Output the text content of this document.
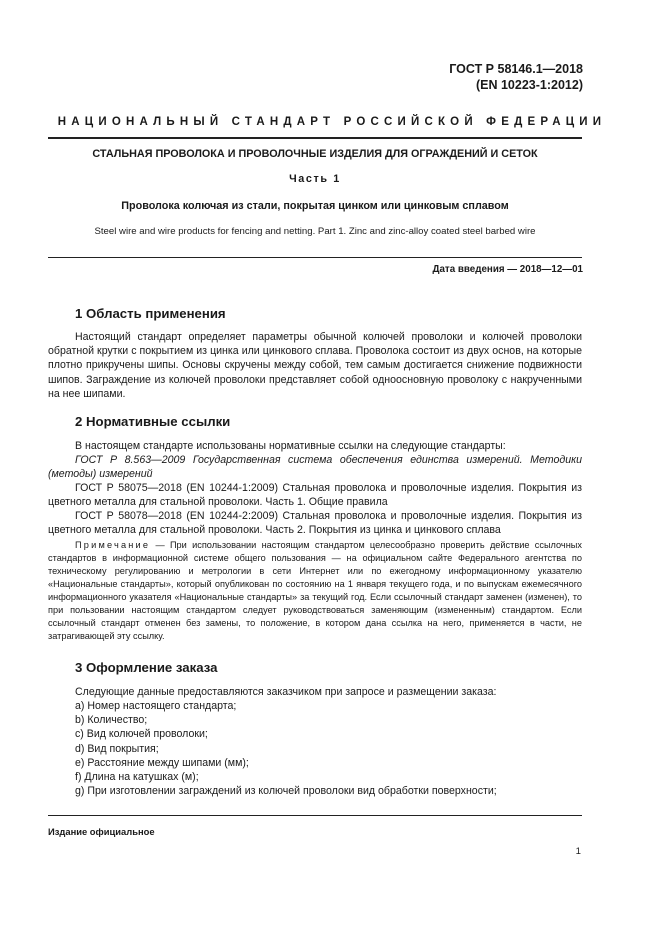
ГОСТ Р 58146.1—2018
(EN 10223-1:2012)
НАЦИОНАЛЬНЫЙ СТАНДАРТ РОССИЙСКОЙ ФЕДЕРАЦИИ
СТАЛЬНАЯ ПРОВОЛОКА И ПРОВОЛОЧНЫЕ ИЗДЕЛИЯ ДЛЯ ОГРАЖДЕНИЙ И СЕТОК
Часть 1
Проволока колючая из стали, покрытая цинком или цинковым сплавом
Steel wire and wire products for fencing and netting. Part 1. Zinc and zinc-alloy coated steel barbed wire
Дата введения — 2018—12—01
1 Область применения
Настоящий стандарт определяет параметры обычной колючей проволоки и колючей проволоки обратной крутки с покрытием из цинка или цинкового сплава. Проволока состоит из двух основ, на которые плотно прикручены шипы. Основы скручены между собой, тем самым достигается снижение подвижности шипов. Заграждение из колючей проволоки представляет собой одноосновную проволоку с накрученными на нее шипами.
2 Нормативные ссылки
В настоящем стандарте использованы нормативные ссылки на следующие стандарты:
ГОСТ Р 8.563—2009 Государственная система обеспечения единства измерений. Методики (методы) измерений
ГОСТ Р 58075—2018 (EN 10244-1:2009) Стальная проволока и проволочные изделия. Покрытия из цветного металла для стальной проволоки. Часть 1. Общие правила
ГОСТ Р 58078—2018 (EN 10244-2:2009) Стальная проволока и проволочные изделия. Покрытия из цветного металла для стальной проволоки. Часть 2. Покрытия из цинка и цинкового сплава
Примечание — При использовании настоящим стандартом целесообразно проверить действие ссылочных стандартов в информационной системе общего пользования — на официальном сайте Федерального агентства по техническому регулированию и метрологии в сети Интернет или по ежегодному информационному указателю «Национальные стандарты», который опубликован по состоянию на 1 января текущего года, и по выпускам ежемесячного информационного указателя «Национальные стандарты» за текущий год. Если ссылочный стандарт заменен (изменен), то при пользовании настоящим стандартом следует руководствоваться заменяющим (измененным) стандартом. Если ссылочный стандарт отменен без замены, то положение, в котором дана ссылка на него, применяется в части, не затрагивающей эту ссылку.
3 Оформление заказа
Следующие данные предоставляются заказчиком при запросе и размещении заказа:
a) Номер настоящего стандарта;
b) Количество;
c) Вид колючей проволоки;
d) Вид покрытия;
e) Расстояние между шипами (мм);
f) Длина на катушках (м);
g) При изготовлении заграждений из колючей проволоки вид обработки поверхности;
Издание официальное
1
